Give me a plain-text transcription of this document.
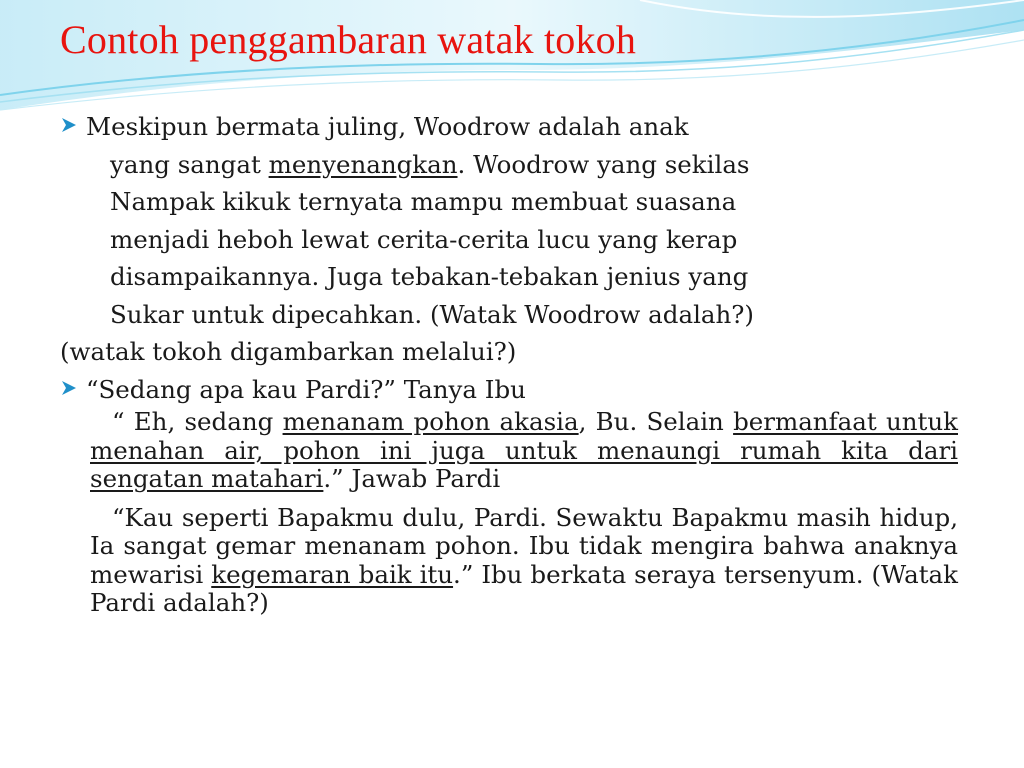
Contoh penggambaran watak tokoh
Meskipun bermata juling, Woodrow adalah anak
yang sangat menyenangkan. Woodrow yang sekilas
Nampak kikuk ternyata mampu membuat suasana
menjadi heboh lewat cerita-cerita lucu yang kerap
disampaikannya. Juga tebakan-tebakan jenius yang
Sukar untuk dipecahkan. (Watak Woodrow adalah?)
(watak tokoh digambarkan melalui?)
“Sedang apa kau Pardi?” Tanya Ibu
“ Eh, sedang menanam pohon akasia, Bu. Selain bermanfaat untuk menahan air, pohon ini juga untuk menaungi rumah kita dari sengatan matahari.” Jawab Pardi
“Kau seperti Bapakmu dulu, Pardi. Sewaktu Bapakmu masih hidup, Ia sangat gemar menanam pohon. Ibu tidak mengira bahwa anaknya mewarisi kegemaran baik itu.” Ibu berkata seraya tersenyum. (Watak Pardi adalah?)
